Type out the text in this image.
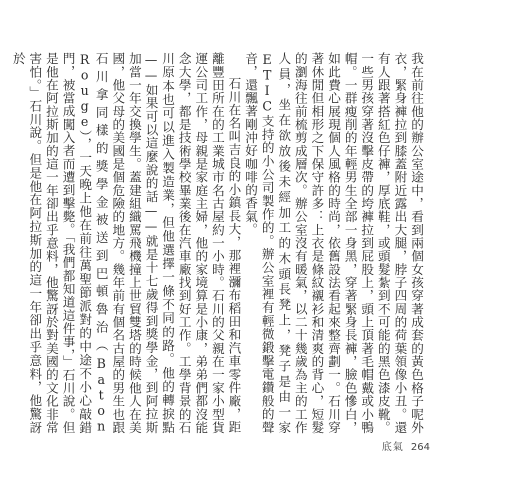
我在前往他的辦公室途中，看到兩個女孩穿著成套的黃色格子呢外衣，緊身褲拉到膝蓋附近露出大腿，脖子四周的荷葉領像小丑。還有人跟著搭紅色仔褲，厚底鞋，或頭髮紮到不可能的黑色漆皮靴。一些男孩穿著沒擊皮帶的垮褲拉到屁股上，頭上頂著毛帽戴或小鴨帽。一群瘦削的年輕男生全部一身黑，穿著緊身長褲，臉色慘白，如此費心展現個人風格的時尚，依舊設法看起來整齊劃一。石川穿著休閒但相形之下保守許多：上衣是條紋襯衫和清爽的背心，短髮的瀏海往前梳剪成層次。辦公室沒有暖氣，以二十幾歲為主的工作人員，坐在欲放後未經加工的木頭長凳上，凳子是由一家ETIC支持的小公司製作的。辦公室裡有輕微鍛擊電鑽般的聲音，還飄著剛沖好咖啡的香氣。

石川在名叫吉良的小鎮長大，那裡瀰布稻田和汽車零件廠，距離豐田所在的工業城市名古屋約一小時。石川的父親在一家小型貨運公司工作，母親是家庭主婦，他的家境算是小康，弟弟們都沒能念大學，都是技術學校畢業後在汽車廠找到好工作。工學背景的石川原本也可以進入製造業，但他選擇一條不同的路。他的轉捩點——如果可以這麼說的話——就是十七歲得到獎學金，到阿拉斯加當一年交換學生。蓋建組織罵飛機撞上世貿雙塔的時候他人在美國，他父母的美國是個危險的地方。幾年前有個名古屋的男生也跟石川拿同樣的獎學金被送到巴頓魯治（Baton Rouge），一天晚上他在前往萬聖節派對的中途不小心敲錯門，被當成闖入者而遭到擊斃。「我們都知道這件事，」石川說。但是他在阿拉斯加的這一年卻出乎意料，他驚訝於對美國的文化非常害怕。」石川說。但是他在阿拉斯加的這一年卻出乎意料，他驚訝於

底氣 264
